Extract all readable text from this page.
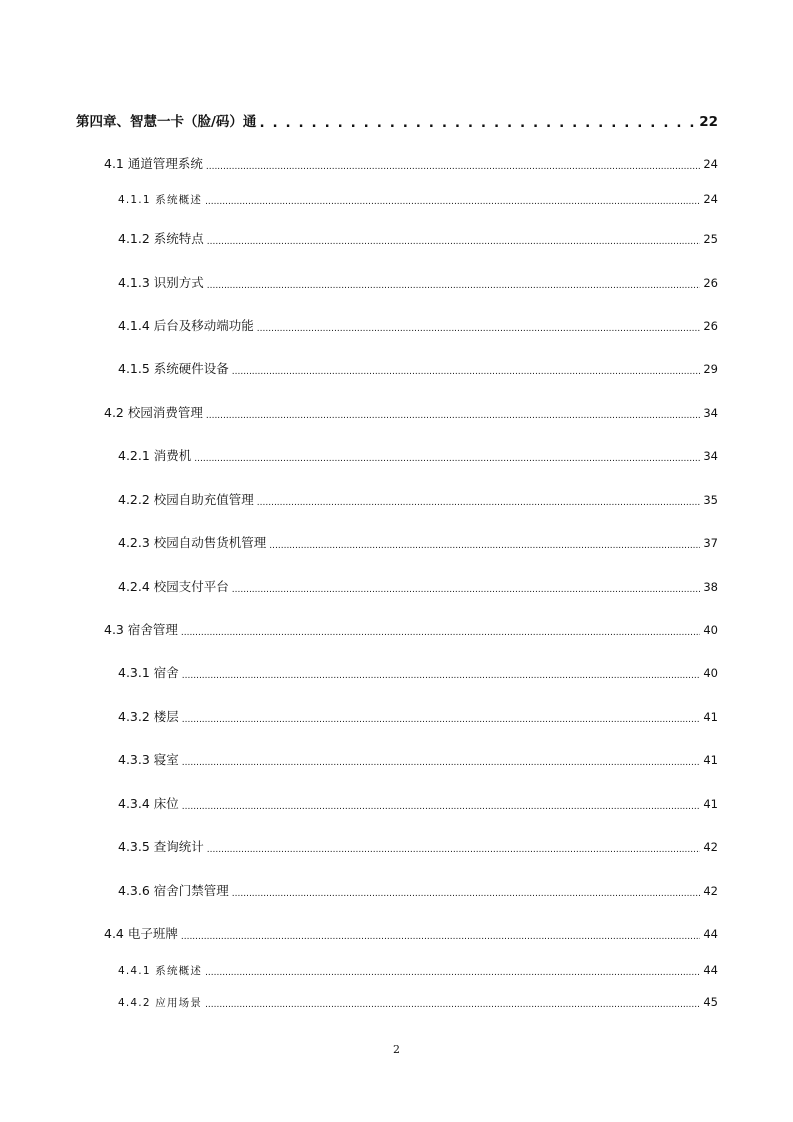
第四章、智慧一卡（脸/码）通 . . .	22
4.1 通道管理系统 .....	24
4.1.1 系统概述 .....	24
4.1.2 系统特点 .....	25
4.1.3 识别方式 .....	26
4.1.4 后台及移动端功能 .....	26
4.1.5 系统硬件设备 .....	29
4.2 校园消费管理 .....	34
4.2.1 消费机 .....	34
4.2.2 校园自助充值管理 .....	35
4.2.3 校园自动售货机管理 .....	37
4.2.4 校园支付平台 .....	38
4.3 宿舍管理 .....	40
4.3.1 宿舍 .....	40
4.3.2 楼层 .....	41
4.3.3 寝室 .....	41
4.3.4 床位 .....	41
4.3.5 查询统计 .....	42
4.3.6 宿舍门禁管理 .....	42
4.4 电子班牌 .....	44
4.4.1 系统概述 .....	44
4.4.2 应用场景 .....	45
2
